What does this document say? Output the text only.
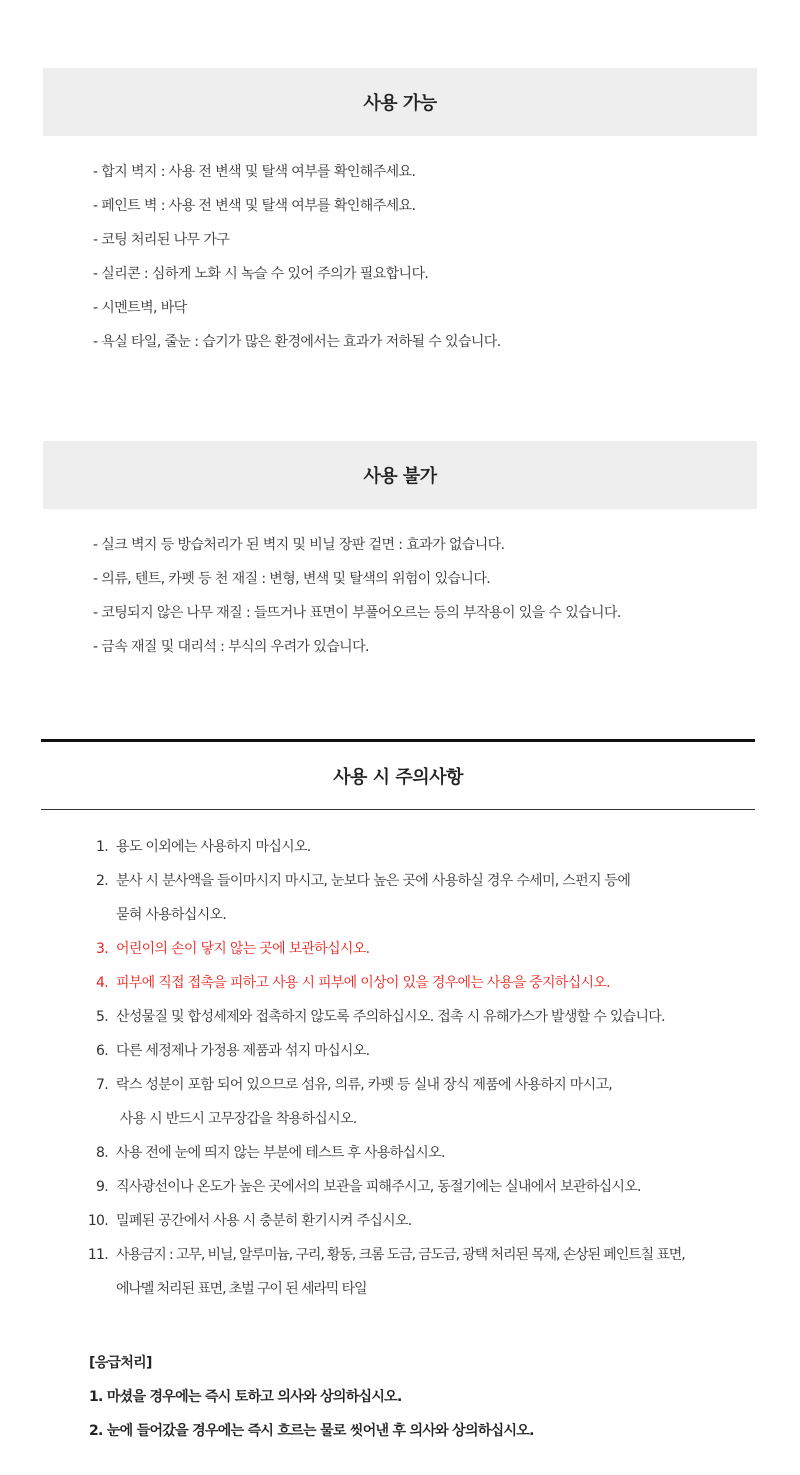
사용 가능
- 합지 벽지 : 사용 전 변색 및 탈색 여부를 확인해주세요.
- 페인트 벽 : 사용 전 변색 및 탈색 여부를 확인해주세요.
- 코팅 처리된 나무 가구
- 실리콘 : 심하게 노화 시 녹슬 수 있어 주의가 필요합니다.
- 시멘트벽, 바닥
- 욕실 타일, 줄눈 : 습기가 많은 환경에서는 효과가 저하될 수 있습니다.
사용 불가
- 실크 벽지 등 방습처리가 된 벽지 및 비닐 장판 겉면 : 효과가 없습니다.
- 의류, 텐트, 카펫 등 천 재질 : 변형, 변색 및 탈색의 위험이 있습니다.
- 코팅되지 않은 나무 재질 : 들뜨거나 표면이 부풀어오르는 등의 부작용이 있을 수 있습니다.
- 금속 재질 및 대리석 : 부식의 우려가 있습니다.
사용 시 주의사항
1. 용도 이외에는 사용하지 마십시오.
2. 분사 시 분사액을 들이마시지 마시고, 눈보다 높은 곳에 사용하실 경우 수세미, 스펀지 등에
묻혀 사용하십시오.
3. 어린이의 손이 닿지 않는 곳에 보관하십시오.
4. 피부에 직접 접촉을 피하고 사용 시 피부에 이상이 있을 경우에는 사용을 중지하십시오.
5. 산성물질 및 합성세제와 접촉하지 않도록 주의하십시오. 접촉 시 유해가스가 발생할 수 있습니다.
6. 다른 세정제나 가정용 제품과 섞지 마십시오.
7. 락스 성분이 포함 되어 있으므로 섬유, 의류, 카펫 등 실내 장식 제품에 사용하지 마시고,
사용 시 반드시 고무장갑을 착용하십시오.
8. 사용 전에 눈에 띄지 않는 부분에 테스트 후 사용하십시오.
9. 직사광선이나 온도가 높은 곳에서의 보관을 피해주시고, 동절기에는 실내에서 보관하십시오.
10. 밀폐된 공간에서 사용 시 충분히 환기시켜 주십시오.
11. 사용금지 : 고무, 비닐, 알루미늄, 구리, 황동, 크롬 도금, 금도금, 광택 처리된 목재, 손상된 페인트칠 표면,
에나멜 처리된 표면, 초벌 구이 된 세라믹 타일
[응급처리]
1. 마셨을 경우에는 즉시 토하고 의사와 상의하십시오.
2. 눈에 들어갔을 경우에는 즉시 흐르는 물로 씻어낸 후 의사와 상의하십시오.
